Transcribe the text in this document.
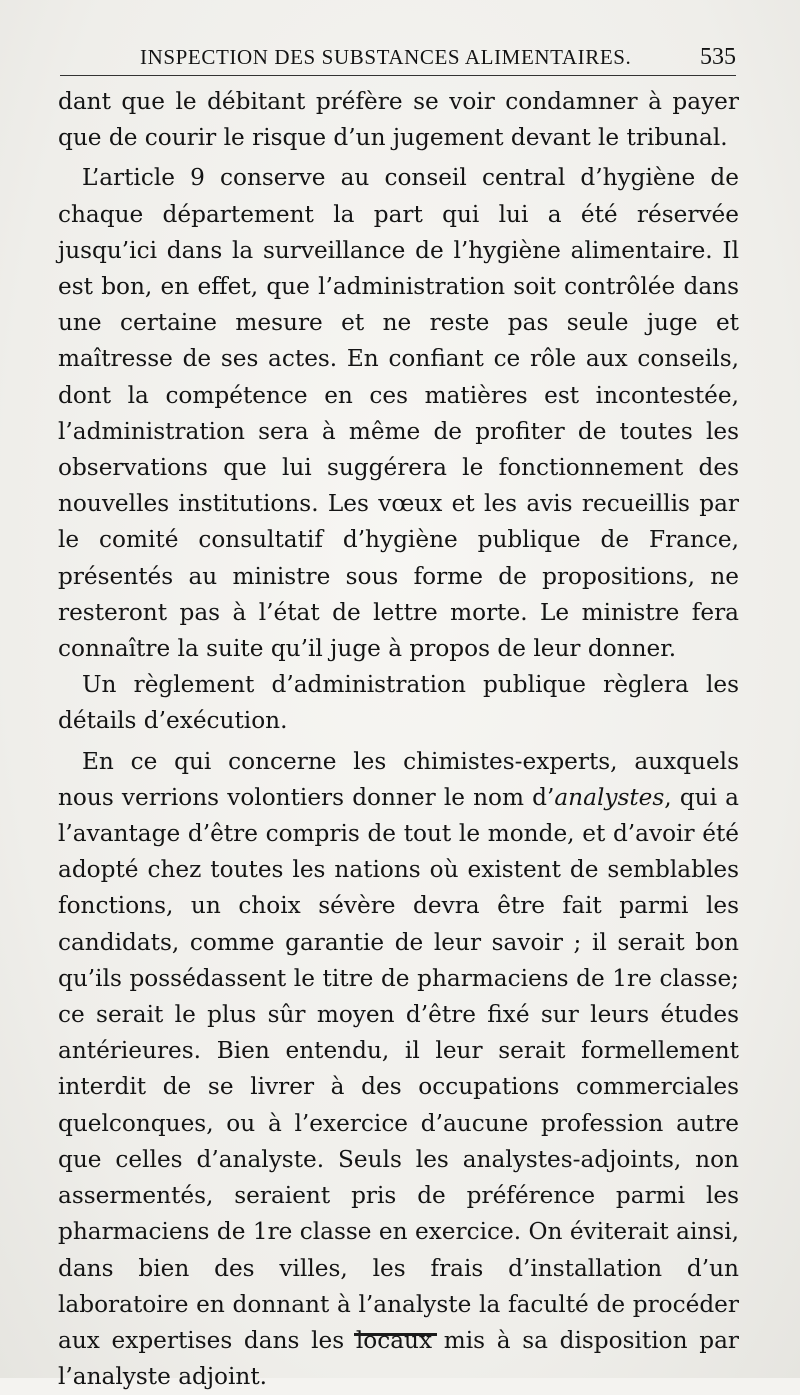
INSPECTION DES SUBSTANCES ALIMENTAIRES.	535

dant que le débitant préfère se voir condamner à payer que de courir le risque d’un jugement devant le tribunal.

L’article 9 conserve au conseil central d’hygiène de chaque département la part qui lui a été réservée jusqu’ici dans la surveillance de l’hygiène alimentaire. Il est bon, en effet, que l’administration soit contrôlée dans une certaine mesure et ne reste pas seule juge et maîtresse de ses actes. En confiant ce rôle aux conseils, dont la compétence en ces matières est incontestée, l’administration sera à même de profiter de toutes les observations que lui suggérera le fonctionnement des nouvelles institutions. Les vœux et les avis recueillis par le comité consultatif d’hygiène publique de France, présentés au ministre sous forme de propositions, ne resteront pas à l’état de lettre morte. Le ministre fera connaître la suite qu’il juge à propos de leur donner.

Un règlement d’administration publique règlera les détails d’exécution.

En ce qui concerne les chimistes-experts, auxquels nous verrions volontiers donner le nom d’analystes, qui a l’avantage d’être compris de tout le monde, et d’avoir été adopté chez toutes les nations où existent de semblables fonctions, un choix sévère devra être fait parmi les candidats, comme garantie de leur savoir ; il serait bon qu’ils possédassent le titre de pharmaciens de 1re classe; ce serait le plus sûr moyen d’être fixé sur leurs études antérieures. Bien entendu, il leur serait formellement interdit de se livrer à des occupations commerciales quelconques, ou à l’exercice d’aucune profession autre que celles d’analyste. Seuls les analystes-adjoints, non assermentés, seraient pris de préférence parmi les pharmaciens de 1re classe en exercice. On éviterait ainsi, dans bien des villes, les frais d’installation d’un laboratoire en donnant à l’analyste la faculté de procéder aux expertises dans les locaux mis à sa disposition par l’analyste adjoint.
